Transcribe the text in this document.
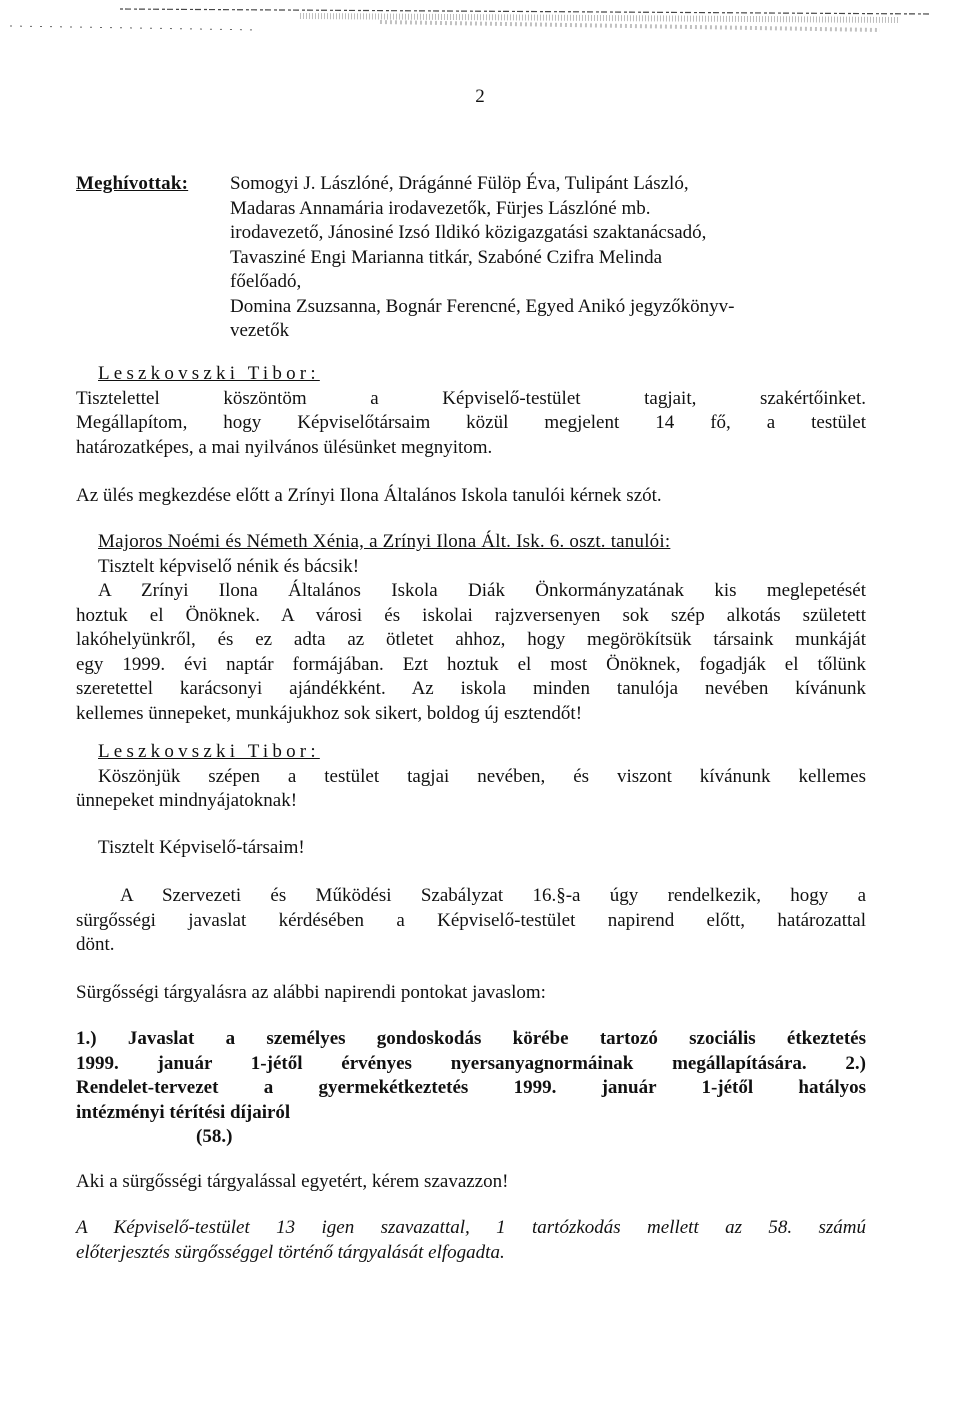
2
Meghívottak: Somogyi J. Lászlóné, Drágánné Fülöp Éva, Tulipánt László,
Madaras Annamária irodavezetők, Fürjes Lászlóné mb.
irodavezető, Jánosiné Izsó Ildikó közigazgatási szaktanácsadó,
Tavasziné Engi Marianna titkár, Szabóné Czifra Melinda
főelőadó,
Domina Zsuzsanna, Bognár Ferencné, Egyed Anikó jegyzőkönyv-
vezetők
Leszkovszki Tibor:

Tisztelettel köszöntöm a Képviselő-testület tagjait, szakértőinket.

Megállapítom, hogy Képviselőtársaim közül megjelent 14 fő, a testület

határozatképes, a mai nyilvános ülésünket megnyitom.

Az ülés megkezdése előtt a Zrínyi Ilona Általános Iskola tanulói kérnek szót.

Majoros Noémi és Németh Xénia, a Zrínyi Ilona Ált. Isk. 6. oszt. tanulói:

Tisztelt képviselő nénik és bácsik!

A Zrínyi Ilona Általános Iskola Diák Önkormányzatának kis meglepetését

hoztuk el Önöknek. A városi és iskolai rajzversenyen sok szép alkotás született

lakóhelyünkről, és ez adta az ötletet ahhoz, hogy megörökítsük társaink munkáját

egy 1999. évi naptár formájában. Ezt hoztuk el most Önöknek, fogadják el tőlünk

szeretettel karácsonyi ajándékként. Az iskola minden tanulója nevében kívánunk

kellemes ünnepeket, munkájukhoz sok sikert, boldog új esztendőt!

Leszkovszki Tibor:

Köszönjük szépen a testület tagjai nevében, és viszont kívánunk kellemes

ünnepeket mindnyájatoknak!

Tisztelt Képviselő-társaim!

A Szervezeti és Működési Szabályzat 16.§-a úgy rendelkezik, hogy a

sürgősségi javaslat kérdésében a Képviselő-testület napirend előtt, határozattal

dönt.

Sürgősségi tárgyalásra az alábbi napirendi pontokat javaslom:

1.) Javaslat a személyes gondoskodás körébe tartozó szociális étkeztetés

1999. január 1-jétől érvényes nyersanyagnormáinak megállapítására. 2.)

Rendelet-tervezet a gyermekétkeztetés 1999. január 1-jétől hatályos

intézményi térítési díjairól

(58.)

Aki a sürgősségi tárgyalással egyetért, kérem szavazzon!

A Képviselő-testület 13 igen szavazattal, 1 tartózkodás mellett az 58. számú

előterjesztés sürgősséggel történő tárgyalását elfogadta.
